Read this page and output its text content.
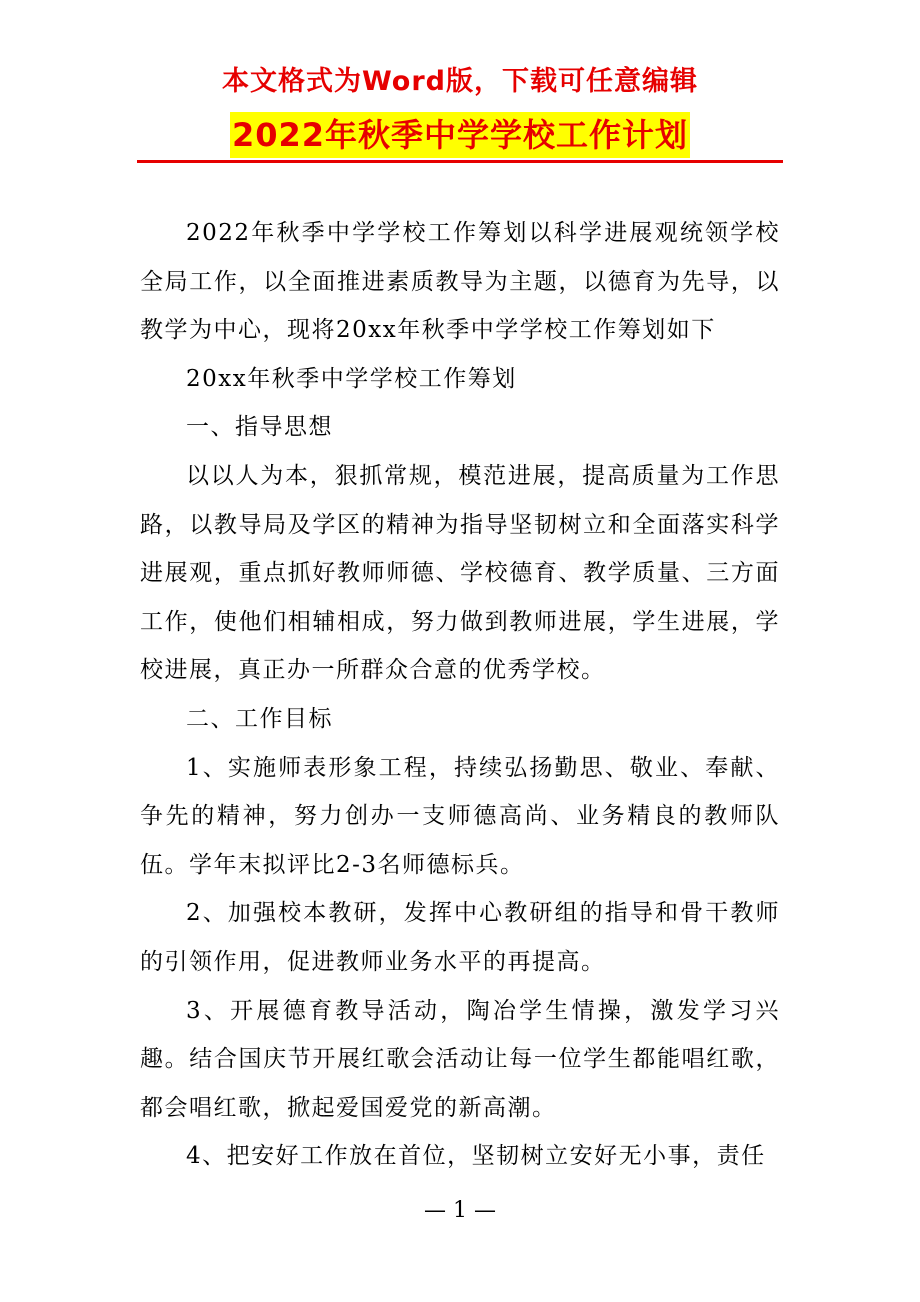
本文格式为Word版，下载可任意编辑
2022年秋季中学学校工作计划

2022年秋季中学学校工作筹划以科学进展观统领学校全局工作，以全面推进素质教导为主题，以德育为先导，以教学为中心，现将20xx年秋季中学学校工作筹划如下

20xx年秋季中学学校工作筹划

一、指导思想

以以人为本，狠抓常规，模范进展，提高质量为工作思路，以教导局及学区的精神为指导坚韧树立和全面落实科学进展观，重点抓好教师师德、学校德育、教学质量、三方面工作，使他们相辅相成，努力做到教师进展，学生进展，学校进展，真正办一所群众合意的优秀学校。

二、工作目标

1、实施师表形象工程，持续弘扬勤思、敬业、奉献、争先的精神，努力创办一支师德高尚、业务精良的教师队伍。学年末拟评比2-3名师德标兵。

2、加强校本教研，发挥中心教研组的指导和骨干教师的引领作用，促进教师业务水平的再提高。

3、开展德育教导活动，陶冶学生情操，激发学习兴趣。结合国庆节开展红歌会活动让每一位学生都能唱红歌，都会唱红歌，掀起爱国爱党的新高潮。

4、把安好工作放在首位，坚韧树立安好无小事，责任

— 1 —
